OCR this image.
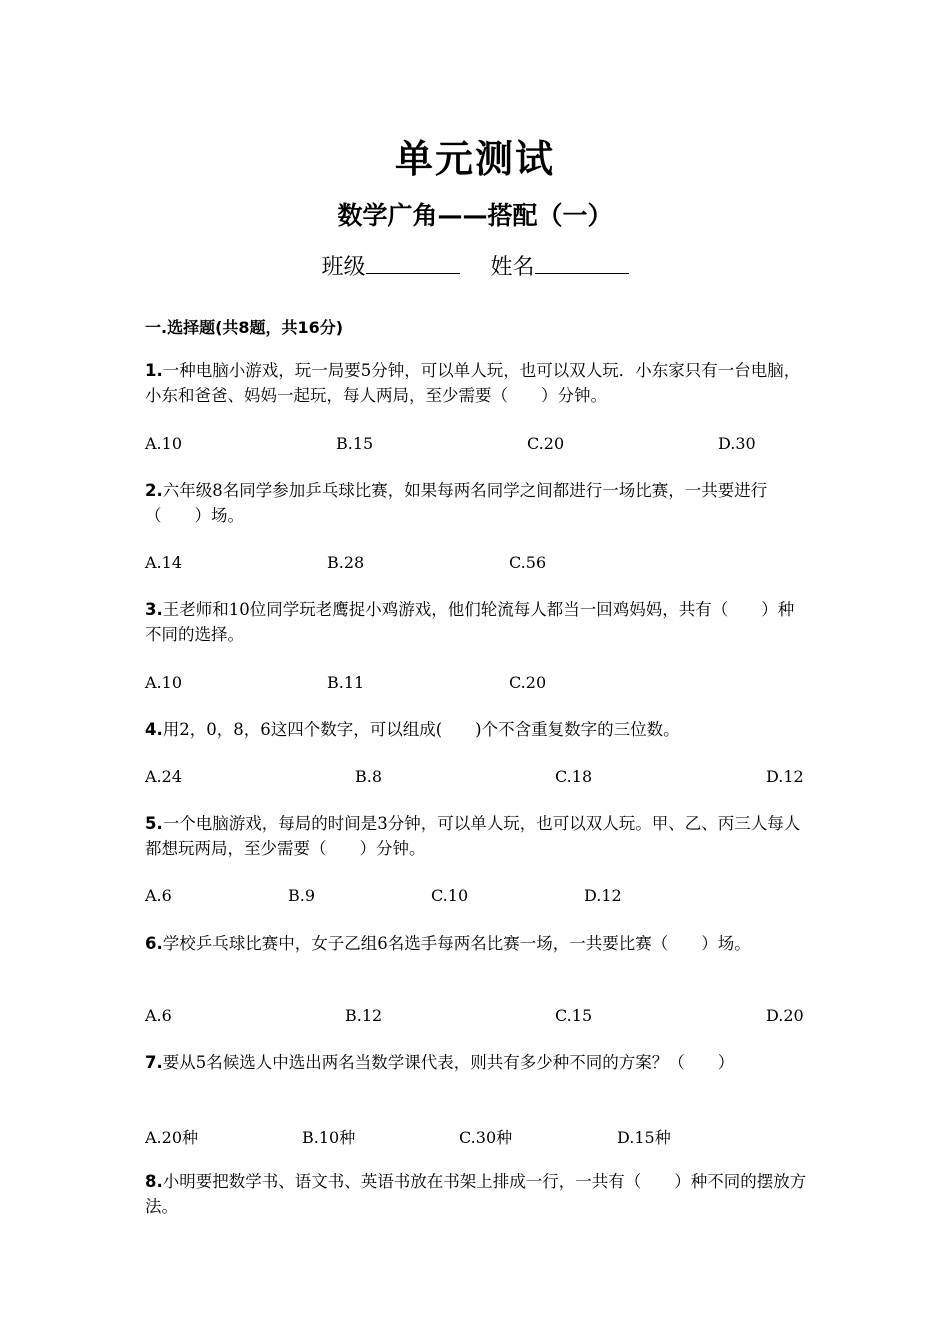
单元测试
数学广角——搭配（一）
班级	姓名
一.选择题(共8题，共16分)
1.一种电脑小游戏，玩一局要5分钟，可以单人玩，也可以双人玩．小东家只有一台电脑，小东和爸爸、妈妈一起玩，每人两局，至少需要（　　）分钟。
A.10	B.15	C.20	D.30
2.六年级8名同学参加乒乓球比赛，如果每两名同学之间都进行一场比赛，一共要进行（　　）场。
A.14	B.28	C.56
3.王老师和10位同学玩老鹰捉小鸡游戏，他们轮流每人都当一回鸡妈妈，共有（　　）种不同的选择。
A.10	B.11	C.20
4.用2，0，8，6这四个数字，可以组成(　　)个不含重复数字的三位数。
A.24	B.8	C.18	D.12
5.一个电脑游戏，每局的时间是3分钟，可以单人玩，也可以双人玩。甲、乙、丙三人每人都想玩两局，至少需要（　　）分钟。
A.6	B.9	C.10	D.12
6.学校乒乓球比赛中，女子乙组6名选手每两名比赛一场，一共要比赛（　　）场。
A.6	B.12	C.15	D.20
7.要从5名候选人中选出两名当数学课代表，则共有多少种不同的方案？（　　）
A.20种	B.10种	C.30种	D.15种
8.小明要把数学书、语文书、英语书放在书架上排成一行，一共有（　　）种不同的摆放方法。
